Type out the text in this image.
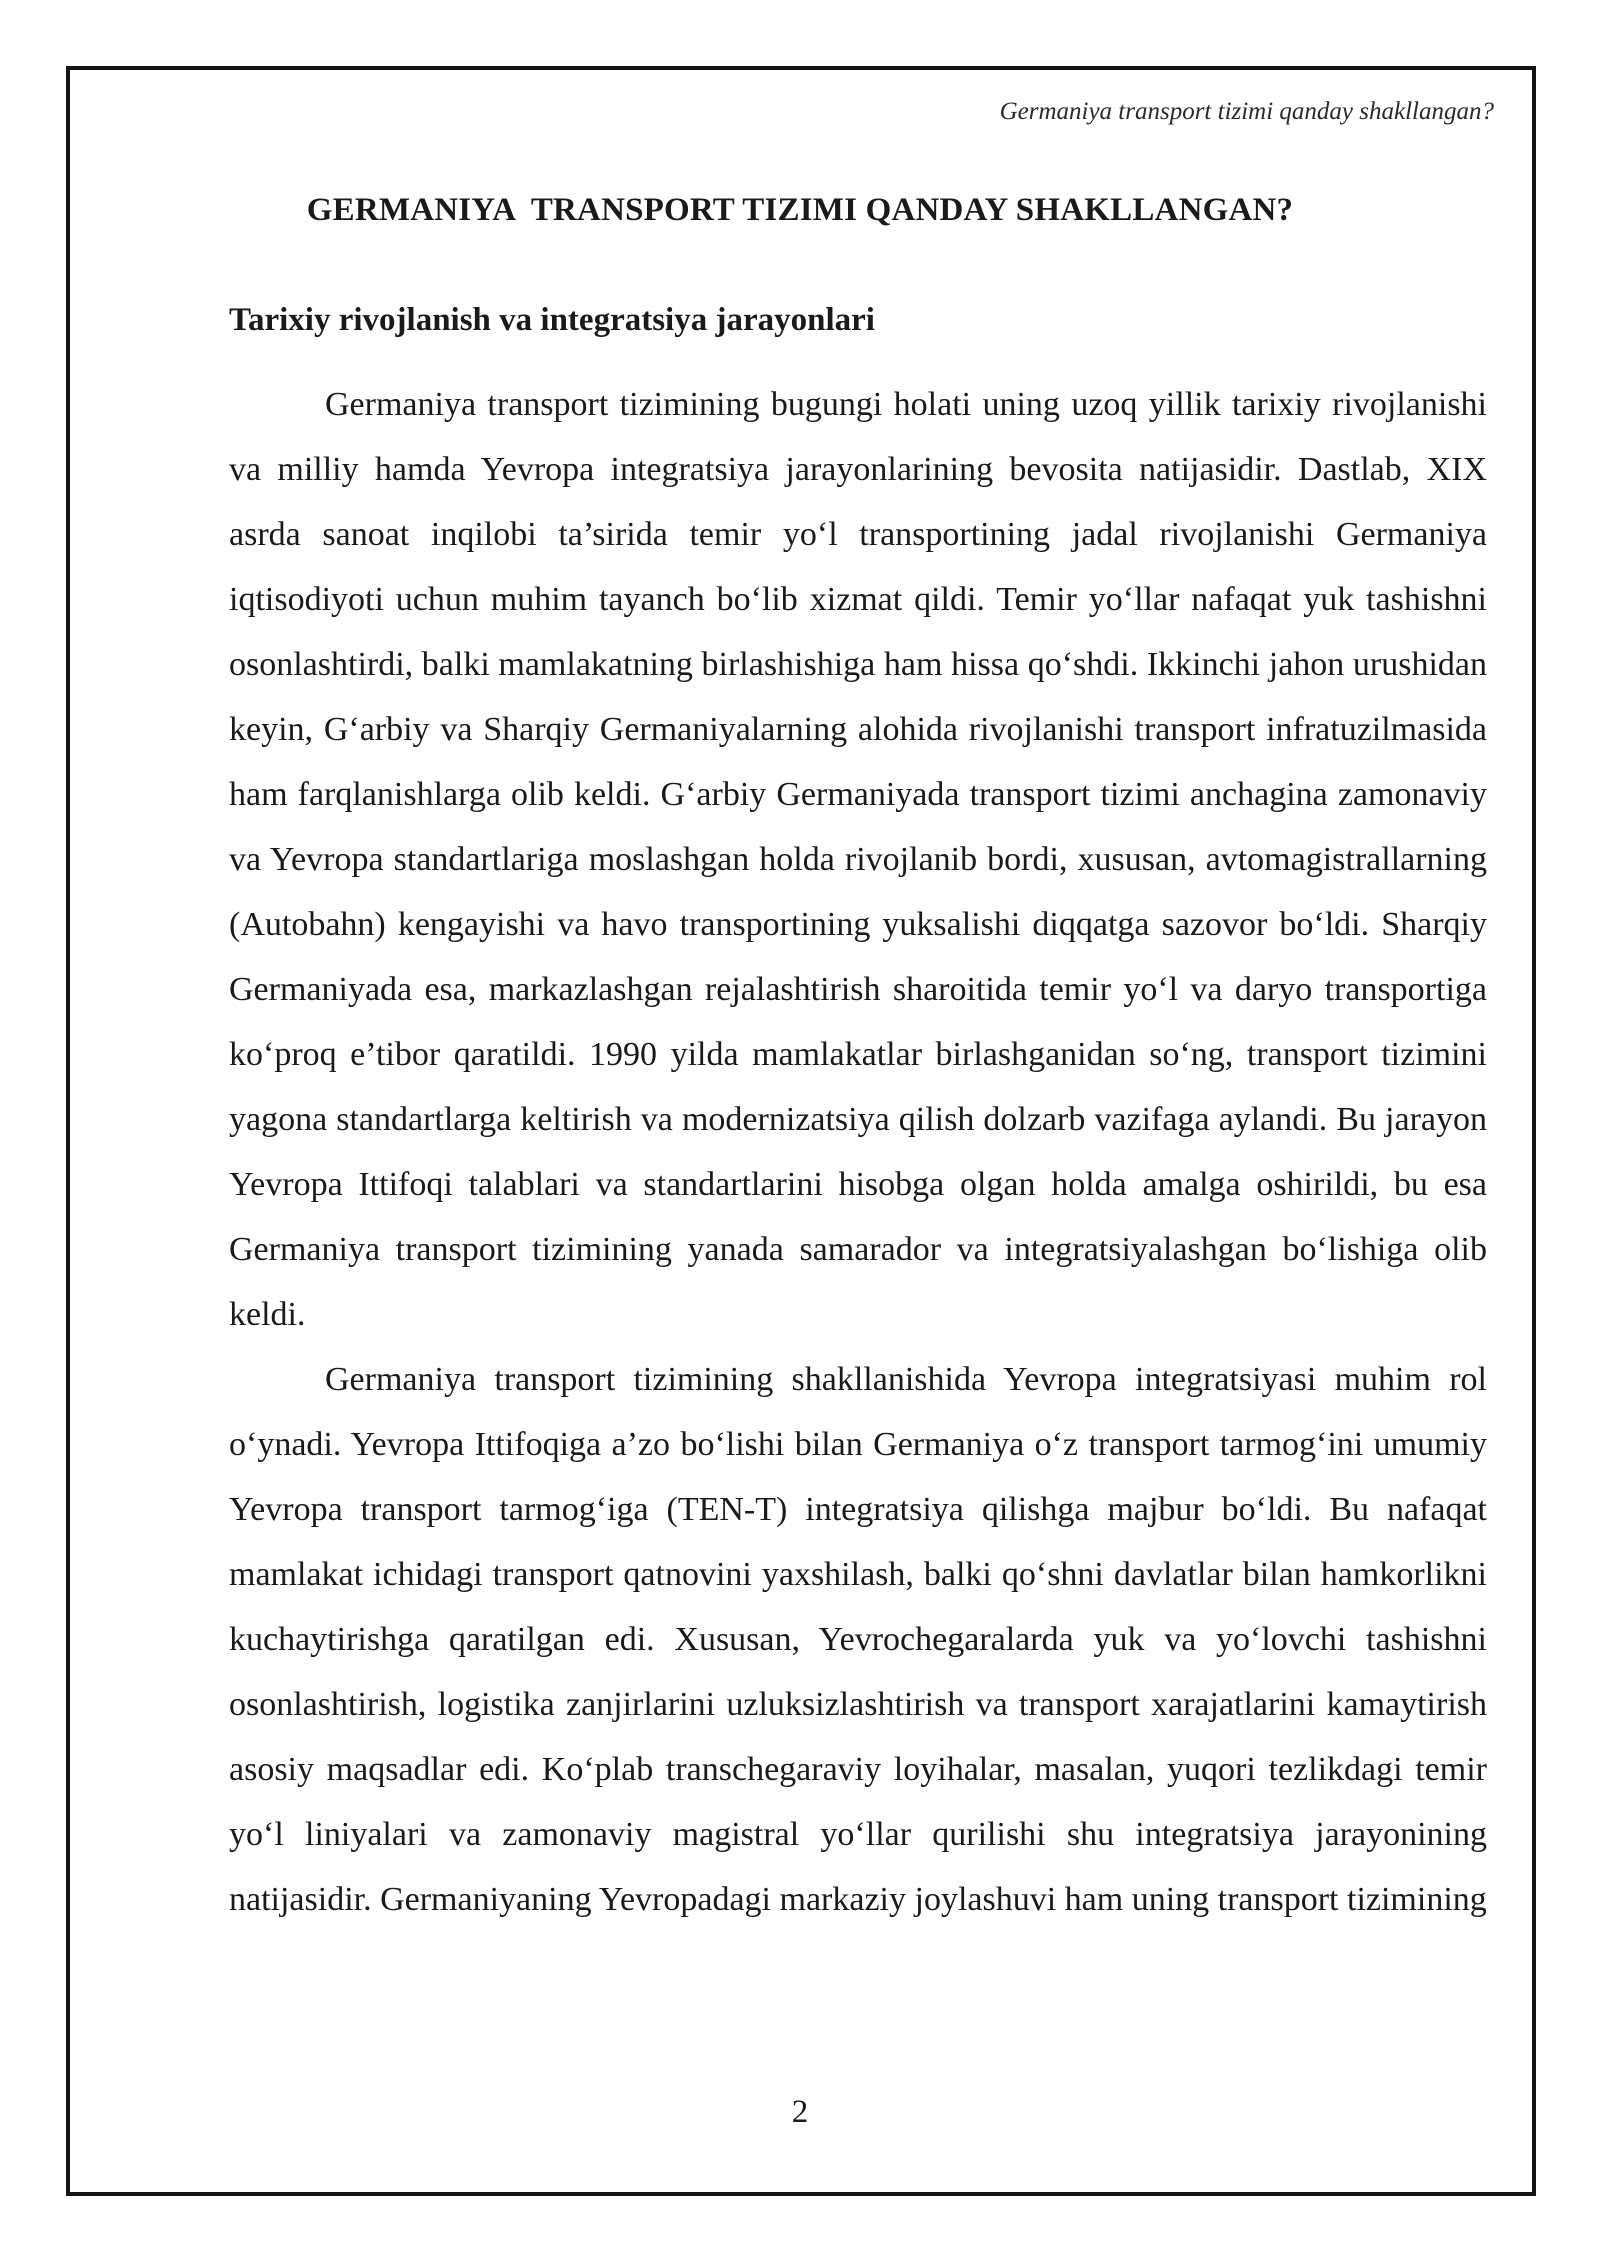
Germaniya transport tizimi qanday shakllangan?
GERMANIYA  TRANSPORT TIZIMI QANDAY SHAKLLANGAN?
Tarixiy rivojlanish va integratsiya jarayonlari

Germaniya transport tizimining bugungi holati uning uzoq yillik tarixiy rivojlanishi va milliy hamda Yevropa integratsiya jarayonlarining bevosita natijasidir. Dastlab, XIX asrda sanoat inqilobi ta’sirida temir yoʻl transportining jadal rivojlanishi Germaniya iqtisodiyoti uchun muhim tayanch boʻlib xizmat qildi. Temir yoʻllar nafaqat yuk tashishni osonlashtirdi, balki mamlakatning birlashishiga ham hissa qoʻshdi. Ikkinchi jahon urushidan keyin, Gʻarbiy va Sharqiy Germaniyalarning alohida rivojlanishi transport infratuzilmasida ham farqlanishlarga olib keldi. Gʻarbiy Germaniyada transport tizimi anchagina zamonaviy va Yevropa standartlariga moslashgan holda rivojlanib bordi, xususan, avtomagistrallarning (Autobahn) kengayishi va havo transportining yuksalishi diqqatga sazovor boʻldi. Sharqiy Germaniyada esa, markazlashgan rejalashtirish sharoitida temir yoʻl va daryo transportiga koʻproq e’tibor qaratildi. 1990 yilda mamlakatlar birlashganidan soʻng, transport tizimini yagona standartlarga keltirish va modernizatsiya qilish dolzarb vazifaga aylandi. Bu jarayon Yevropa Ittifoqi talablari va standartlarini hisobga olgan holda amalga oshirildi, bu esa Germaniya transport tizimining yanada samarador va integratsiyalashgan boʻlishiga olib keldi.

Germaniya transport tizimining shakllanishida Yevropa integratsiyasi muhim rol oʻynadi. Yevropa Ittifoqiga a’zo boʻlishi bilan Germaniya oʻz transport tarmogʻini umumiy Yevropa transport tarmogʻiga (TEN-T) integratsiya qilishga majbur boʻldi. Bu nafaqat mamlakat ichidagi transport qatnovini yaxshilash, balki qoʻshni davlatlar bilan hamkorlikni kuchaytirishga qaratilgan edi. Xususan, Yevrochegaralarda yuk va yoʻlovchi tashishni osonlashtirish, logistika zanjirlarini uzluksizlashtirish va transport xarajatlarini kamaytirish asosiy maqsadlar edi. Koʻplab transchegaraviy loyihalar, masalan, yuqori tezlikdagi temir yoʻl liniyalari va zamonaviy magistral yoʻllar qurilishi shu integratsiya jarayonining natijasidir. Germaniyaning Yevropadagi markaziy joylashuvi ham uning transport tizimining

2
